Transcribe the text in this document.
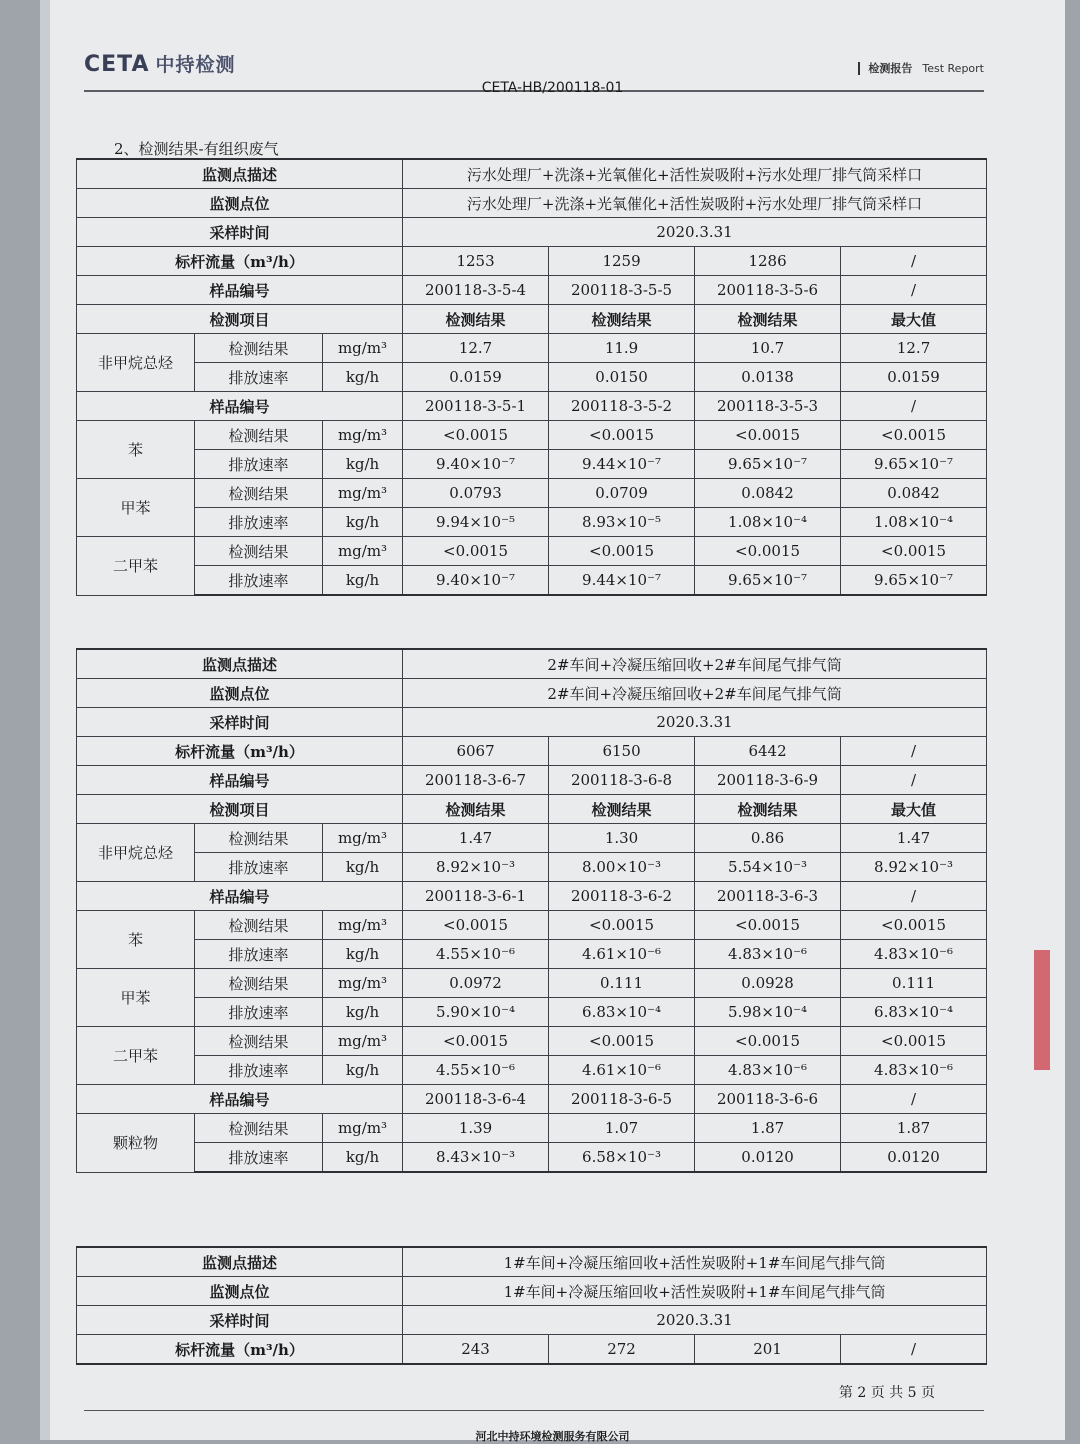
CETA 中持检测	检测报告 Test Report
CETA-HB/200118-01
2、检测结果-有组织废气
监测点描述			污水处理厂+洗涤+光氧催化+活性炭吸附+污水处理厂排气筒采样口			
监测点位			污水处理厂+洗涤+光氧催化+活性炭吸附+污水处理厂排气筒采样口			
采样时间			2020.3.31			
标杆流量（m³/h）			1253	1259	1286	/
样品编号			200118-3-5-4	200118-3-5-5	200118-3-5-6	/
检测项目			检测结果	检测结果	检测结果	最大值
非甲烷总烃	检测结果	mg/m³	12.7	11.9	10.7	12.7
	排放速率	kg/h	0.0159	0.0150	0.0138	0.0159
样品编号			200118-3-5-1	200118-3-5-2	200118-3-5-3	/
苯	检测结果	mg/m³	<0.0015	<0.0015	<0.0015	<0.0015
	排放速率	kg/h	9.40×10⁻⁷	9.44×10⁻⁷	9.65×10⁻⁷	9.65×10⁻⁷
甲苯	检测结果	mg/m³	0.0793	0.0709	0.0842	0.0842
	排放速率	kg/h	9.94×10⁻⁵	8.93×10⁻⁵	1.08×10⁻⁴	1.08×10⁻⁴
二甲苯	检测结果	mg/m³	<0.0015	<0.0015	<0.0015	<0.0015
	排放速率	kg/h	9.40×10⁻⁷	9.44×10⁻⁷	9.65×10⁻⁷	9.65×10⁻⁷
监测点描述			2#车间+冷凝压缩回收+2#车间尾气排气筒			
监测点位			2#车间+冷凝压缩回收+2#车间尾气排气筒			
采样时间			2020.3.31			
标杆流量（m³/h）			6067	6150	6442	/
样品编号			200118-3-6-7	200118-3-6-8	200118-3-6-9	/
检测项目			检测结果	检测结果	检测结果	最大值
非甲烷总烃	检测结果	mg/m³	1.47	1.30	0.86	1.47
	排放速率	kg/h	8.92×10⁻³	8.00×10⁻³	5.54×10⁻³	8.92×10⁻³
样品编号			200118-3-6-1	200118-3-6-2	200118-3-6-3	/
苯	检测结果	mg/m³	<0.0015	<0.0015	<0.0015	<0.0015
	排放速率	kg/h	4.55×10⁻⁶	4.61×10⁻⁶	4.83×10⁻⁶	4.83×10⁻⁶
甲苯	检测结果	mg/m³	0.0972	0.111	0.0928	0.111
	排放速率	kg/h	5.90×10⁻⁴	6.83×10⁻⁴	5.98×10⁻⁴	6.83×10⁻⁴
二甲苯	检测结果	mg/m³	<0.0015	<0.0015	<0.0015	<0.0015
	排放速率	kg/h	4.55×10⁻⁶	4.61×10⁻⁶	4.83×10⁻⁶	4.83×10⁻⁶
样品编号			200118-3-6-4	200118-3-6-5	200118-3-6-6	/
颗粒物	检测结果	mg/m³	1.39	1.07	1.87	1.87
	排放速率	kg/h	8.43×10⁻³	6.58×10⁻³	0.0120	0.0120
监测点描述	1#车间+冷凝压缩回收+活性炭吸附+1#车间尾气排气筒			
监测点位	1#车间+冷凝压缩回收+活性炭吸附+1#车间尾气排气筒			
采样时间	2020.3.31			
标杆流量（m³/h）	243	272	201	/
第 2 页 共 5 页
河北中持环境检测服务有限公司
